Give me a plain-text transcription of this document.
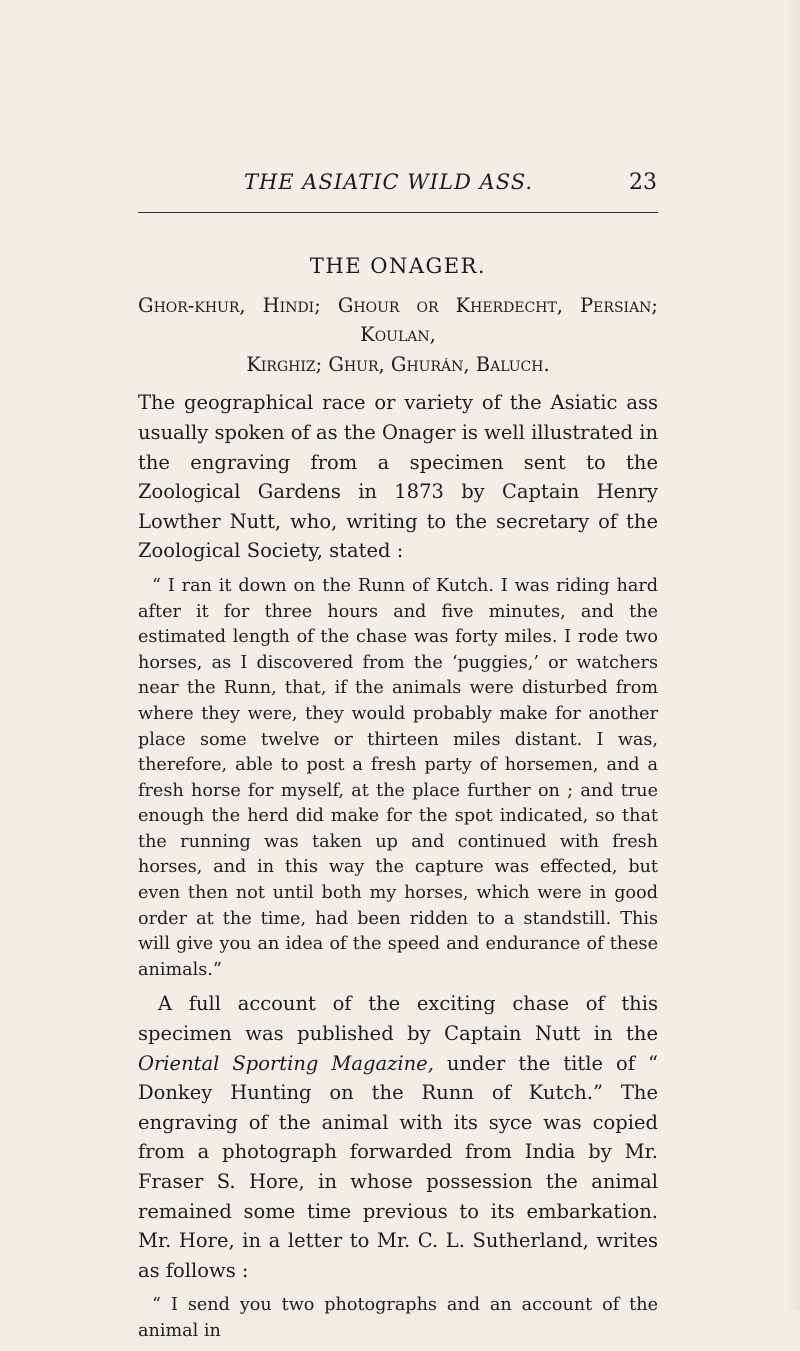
THE ASIATIC WILD ASS.	23
THE ONAGER.
Ghor-khur, Hindi; Ghour or Kherdecht, Persian; Koulan,
Kirghiz; Ghur, Ghurán, Baluch.

The geographical race or variety of the Asiatic ass usually spoken of as the Onager is well illustrated in the engraving from a specimen sent to the Zoological Gardens in 1873 by Captain Henry Lowther Nutt, who, writing to the secretary of the Zoological Society, stated :

“ I ran it down on the Runn of Kutch. I was riding hard after it for three hours and five minutes, and the estimated length of the chase was forty miles. I rode two horses, as I discovered from the ‘puggies,’ or watchers near the Runn, that, if the animals were disturbed from where they were, they would probably make for another place some twelve or thirteen miles distant. I was, therefore, able to post a fresh party of horsemen, and a fresh horse for myself, at the place further on ; and true enough the herd did make for the spot indicated, so that the running was taken up and continued with fresh horses, and in this way the capture was effected, but even then not until both my horses, which were in good order at the time, had been ridden to a standstill. This will give you an idea of the speed and endurance of these animals.”

A full account of the exciting chase of this specimen was published by Captain Nutt in the Oriental Sporting Magazine, under the title of “ Donkey Hunting on the Runn of Kutch.” The engraving of the animal with its syce was copied from a photograph forwarded from India by Mr. Fraser S. Hore, in whose possession the animal remained some time previous to its embarkation. Mr. Hore, in a letter to Mr. C. L. Sutherland, writes as follows :

“ I send you two photographs and an account of the animal in
